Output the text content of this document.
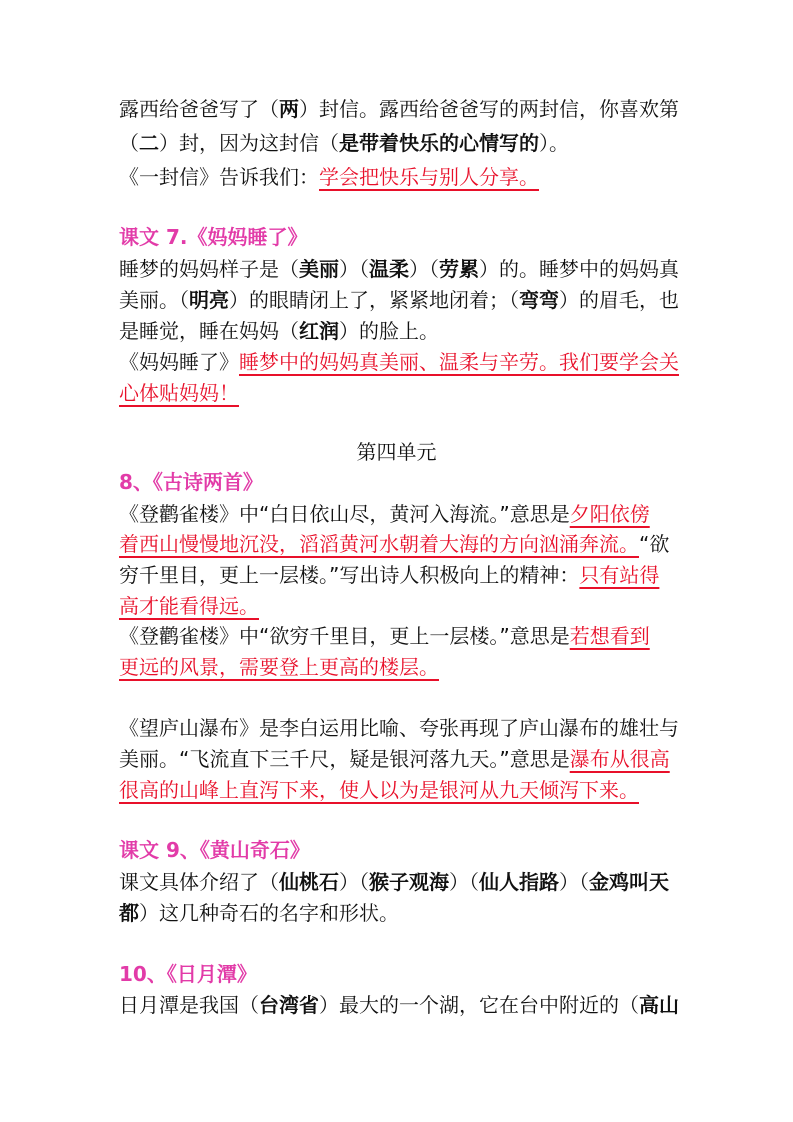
露西给爸爸写了（两）封信。露西给爸爸写的两封信，你喜欢第
（二）封，因为这封信（是带着快乐的心情写的）。
《一封信》告诉我们：学会把快乐与别人分享。
课文 7.《妈妈睡了》
睡梦的妈妈样子是（美丽）（温柔）（劳累）的。睡梦中的妈妈真
美丽。（明亮）的眼睛闭上了，紧紧地闭着；（弯弯）的眉毛，也
是睡觉，睡在妈妈（红润）的脸上。
《妈妈睡了》睡梦中的妈妈真美丽、温柔与辛劳。我们要学会关
心体贴妈妈！
第四单元
8、《古诗两首》
《登鹳雀楼》中“白日依山尽，黄河入海流。”意思是夕阳依傍
着西山慢慢地沉没，滔滔黄河水朝着大海的方向汹涌奔流。“欲
穷千里目，更上一层楼。”写出诗人积极向上的精神：只有站得
高才能看得远。
《登鹳雀楼》中“欲穷千里目，更上一层楼。”意思是若想看到
更远的风景，需要登上更高的楼层。
《望庐山瀑布》是李白运用比喻、夸张再现了庐山瀑布的雄壮与
美丽。“飞流直下三千尺，疑是银河落九天。”意思是瀑布从很高
很高的山峰上直泻下来，使人以为是银河从九天倾泻下来。
课文 9、《黄山奇石》
课文具体介绍了（仙桃石）（猴子观海）（仙人指路）（金鸡叫天
都）这几种奇石的名字和形状。
10、《日月潭》
日月潭是我国（台湾省）最大的一个湖，它在台中附近的（高山
